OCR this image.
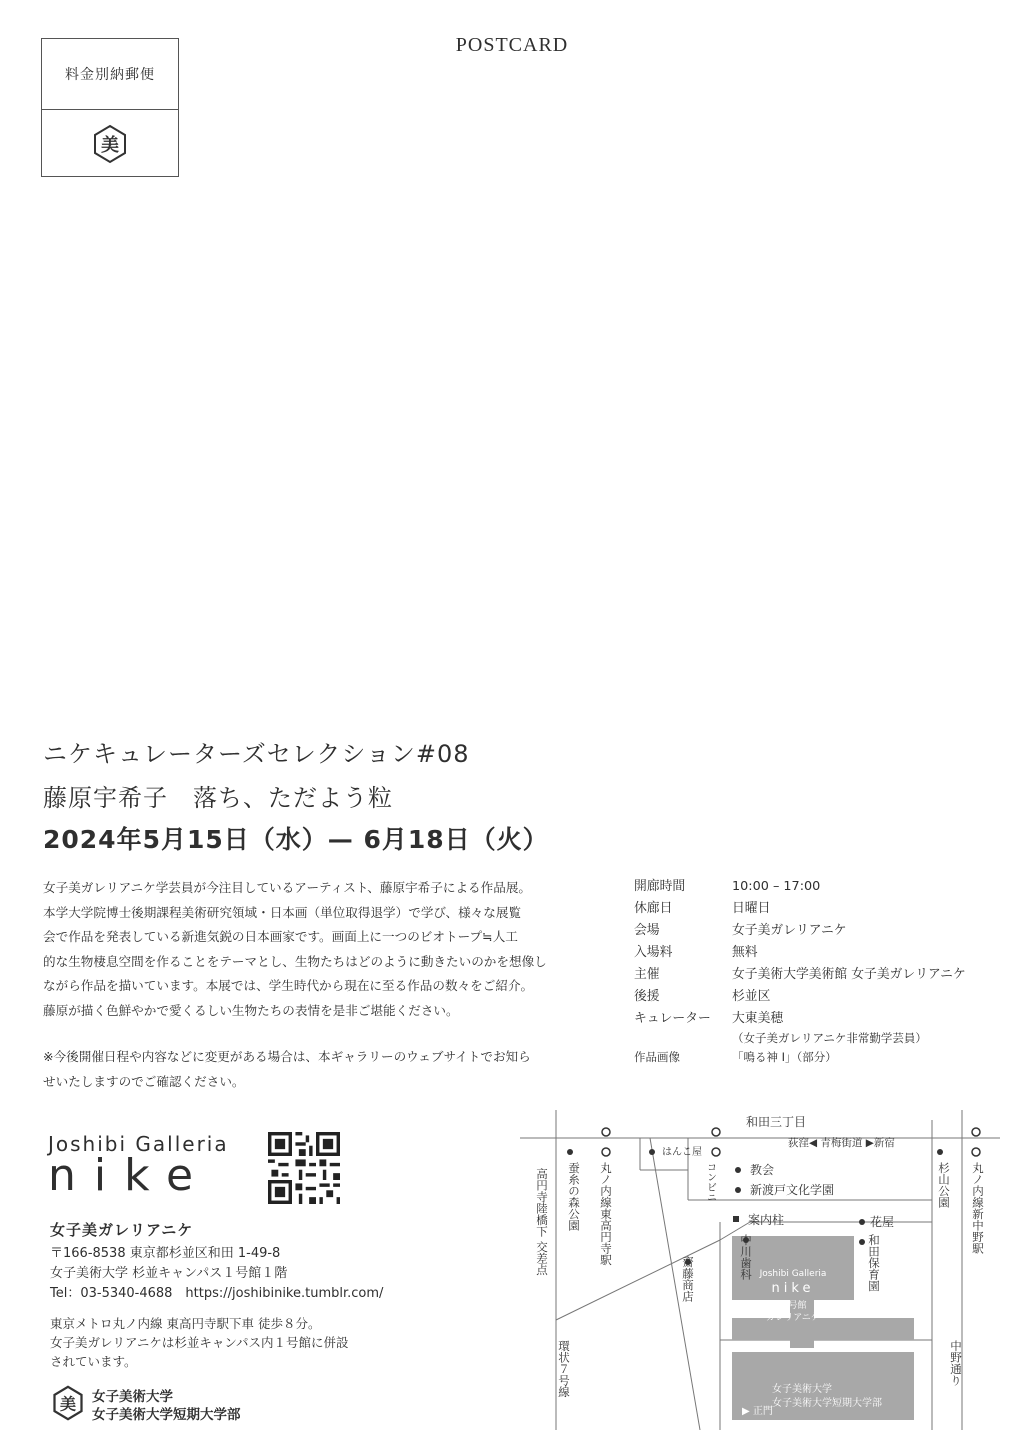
料金別納郵便
美
POSTCARD
ニケキュレーターズセレクション#08
藤原宇希子　落ち、ただよう粒
2024年5月15日（水）— 6月18日（火）

女子美ガレリアニケ学芸員が今注目しているアーティスト、藤原宇希子による作品展。

本学大学院博士後期課程美術研究領域・日本画（単位取得退学）で学び、様々な展覧

会で作品を発表している新進気鋭の日本画家です。画面上に一つのビオトープ≒人工

的な生物棲息空間を作ることをテーマとし、生物たちはどのように動きたいのかを想像し

ながら作品を描いています。本展では、学生時代から現在に至る作品の数々をご紹介。

藤原が描く色鮮やかで愛くるしい生物たちの表情を是非ご堪能ください。

※今後開催日程や内容などに変更がある場合は、本ギャラリーのウェブサイトでお知ら

せいたしますのでご確認ください。

開廊時間	10:00 – 17:00
休廊日	日曜日
会場	女子美ガレリアニケ
入場料	無料
主催	女子美術大学美術館 女子美ガレリアニケ
後援	杉並区
キュレーター	大東美穂
（女子美ガレリアニケ非常勤学芸員）
作品画像	「鳴る神 I」（部分）
Joshibi Galleria
nike
女子美ガレリアニケ
〒166-8538 東京都杉並区和田 1-49-8
女子美術大学 杉並キャンパス１号館１階
Tel：03-5340-4688　https://joshibinike.tumblr.com/
東京メトロ丸ノ内線 東高円寺駅下車 徒歩８分。
女子美ガレリアニケは杉並キャンパス内１号館に併設
されています。
美 女子美術大学
女子美術大学短期大学部
和田三丁目
荻窪◀ 青梅街道 ▶新宿
はんこ屋
教会
新渡戸文化学園
案内柱	花屋
▶ 正門
Joshibi Galleria
nike
１号館
ガレリアニケ
女子美術大学
女子美術大学短期大学部
高円寺陸橋下 交差点
環状７号線
蚕糸の森公園 丸ノ内線東高円寺駅	コンビニ
齋藤商店	中川歯科	和田保育園
杉山公園 丸ノ内線新中野駅
中野通り
